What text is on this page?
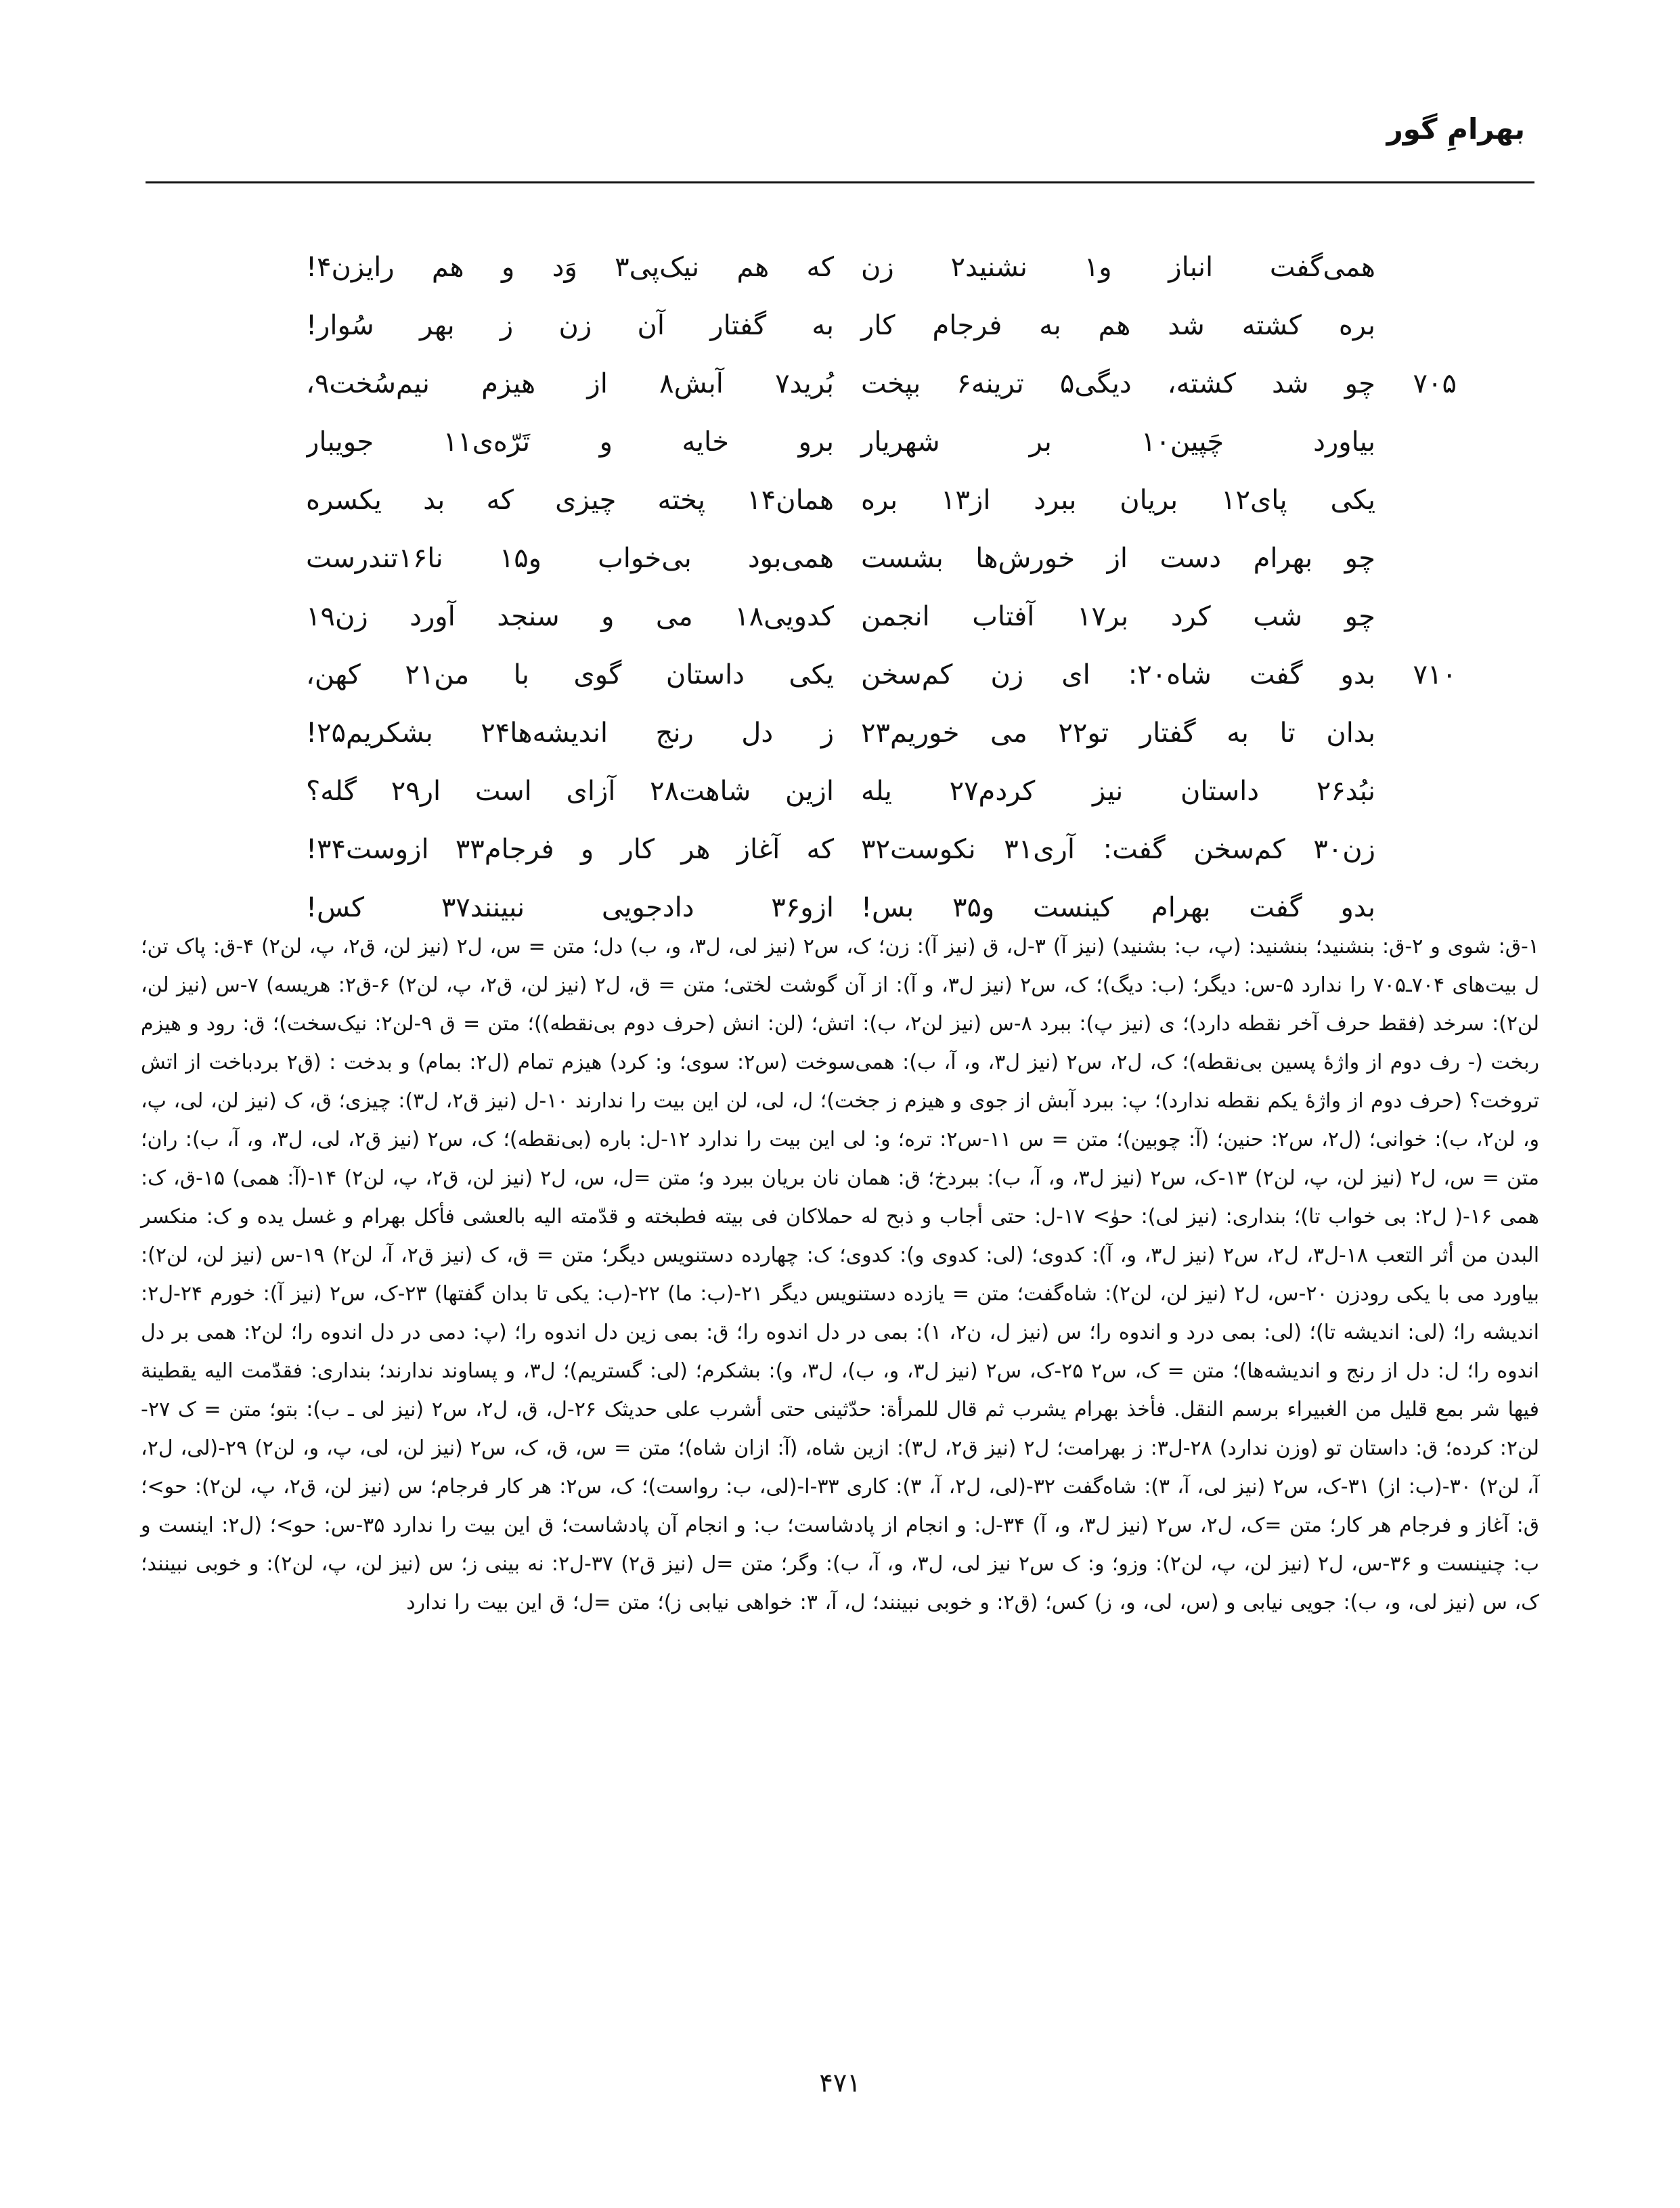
بهرامِ گور
همی‌گفت انباز و۱ نشنید۲ زن
که هم نیک‌پی۳ وَد و هم رایزن۴!
بره کشته شد هم به فرجام کار
به گفتار آن زن ز بهر سُوار!
۷۰۵
چو شد کشته، دیگی۵ ترینه۶ بپخت
بُرید۷ آبش۸ از هیزم نیم‌سُخت۹،
بیاورد چَپین۱۰ بر شهریار
برو خایه و تَرّه‌ی۱۱ جویبار
یکی پای۱۲ بریان ببرد از۱۳ بره
همان۱۴ پخته چیزی که بد یکسره
چو بهرام دست از خورش‌ها بشست
همی‌بود بی‌خواب و۱۵ نا۱۶تندرست
چو شب کرد بر۱۷ آفتاب انجمن
کدویی۱۸ می و سنجد آورد زن۱۹
۷۱۰
بدو گفت شاه۲۰: ای زن کم‌سخن
یکی داستان گوی با من۲۱ کهن،
بدان تا به گفتار تو۲۲ می خوریم۲۳
ز دل رنج اندیشه‌ها۲۴ بشکریم۲۵!
نبُد۲۶ داستان نیز کردم۲۷ یله
ازین شاهت۲۸ آزای است ار۲۹ گله؟
زن۳۰ کم‌سخن گفت: آری۳۱ نکوست۳۲
که آغاز هر کار و فرجام۳۳ ازوست۳۴!
بدو گفت بهرام کینست و۳۵ بس!
ازو۳۶ دادجویی نبینند۳۷ کس!

۱-ق: شوی و ۲-ق: بنشنید؛ بنشنید: (پ، ب: بشنید) (نیز آ) ۳-ل، ق (نیز آ): زن؛ ک، س۲ (نیز لی، ل۳، و، ب) دل؛ متن = س، ل۲ (نیز لن، ق۲، پ، لن۲) ۴-ق: پاک تن؛ ل بیت‌های ۷۰۴ـ۷۰۵ را ندارد ۵-س: دیگر؛ (ب: دیگ)؛ ک، س۲ (نیز ل۳، و آ): از آن گوشت لختی؛ متن = ق، ل۲ (نیز لن، ق۲، پ، لن۲) ۶-ق۲: هریسه) ۷-س (نیز لن، لن۲): سرخد (فقط حرف آخر نقطه دارد)؛ ی (نیز پ): ببرد ۸-س (نیز لن۲، ب): اتش؛ (لن: انش (حرف دوم بی‌نقطه))؛ متن = ق ۹-لن۲: نیک‌سخت)؛ ق: رود و هیزم ربخت (- رف دوم از واژهٔ پسین بی‌نقطه)؛ ک، ل۲، س۲ (نیز ل۳، و، آ، ب): همی‌سوخت (س۲: سوی؛ و: کرد) هیزم تمام (ل۲: بمام) و بدخت : (ق۲ بردباخت از اتش تروخت؟ (حرف دوم از واژهٔ یکم نقطه ندارد)؛ پ: ببرد آبش از جوی و هیزم ز جخت)؛ ل، لی، لن این بیت را ندارند ۱۰-ل (نیز ق۲، ل۳): چیزی؛ ق، ک (نیز لن، لی، پ، و، لن۲، ب): خوانی؛ (ل۲، س۲: حنین؛ (آ: چوبین)؛ متن = س ۱۱-س۲: تره؛ و: لی این بیت را ندارد ۱۲-ل: باره (بی‌نقطه)؛ ک، س۲ (نیز ق۲، لی، ل۳، و، آ، ب): ران؛ متن = س، ل۲ (نیز لن، پ، لن۲) ۱۳-ک، س۲ (نیز ل۳، و، آ، ب): ببردخ؛ ق: همان نان بریان ببرد و؛ متن =ل، س، ل۲ (نیز لن، ق۲، پ، لن۲) ۱۴-(آ: همی) ۱۵-ق، ک: همی ۱۶-( ل۲: بی خواب تا)؛ بنداری: (نیز لی): حوٰ> ۱۷-ل: حتی أجاب و ذبح له حملاکان فی بیته فطبخته و قدّمته الیه بالعشی فأکل بهرام و غسل یده و ک: منکسر البدن من أثر التعب ۱۸-ل۳، ل۲، س۲ (نیز ل۳، و، آ): کدوی؛ (لی: کدوی و): کدوی؛ ک: چهارده دستنویس دیگر؛ متن = ق، ک (نیز ق۲، آ، لن۲) ۱۹-س (نیز لن، لن۲): بیاورد می با یکی رودزن ۲۰-س، ل۲ (نیز لن، لن۲): شاه‌گفت؛ متن = یازده دستنویس دیگر ۲۱-(ب: ما) ۲۲-(ب: یکی تا بدان گفتها) ۲۳-ک، س۲ (نیز آ): خورم ۲۴-ل۲: اندیشه را؛ (لی: اندیشه تا)؛ (لی: بمی درد و اندوه را؛ س (نیز ل، ن۲، ۱): بمی در دل اندوه را؛ ق: بمی زین دل اندوه را؛ (پ: دمی در دل اندوه را؛ لن۲: همی بر دل اندوه را؛ ل: دل از رنج و اندیشه‌ها)؛ متن = ک، س۲ ۲۵-ک، س۲ (نیز ل۳، و، ب)، ل۳، و): بشکرم؛ (لی: گستریم)؛ ل۳، و پساوند ندارند؛ بنداری: فقدّمت الیه یقطینة فیها شر بمع قلیل من الغبیراء برسم النقل. فأخذ بهرام یشرب ثم قال للمرأة: حدّثینی حتی أشرب علی حدیثک ۲۶-ل، ق، ل۲، س۲ (نیز لی ـ ب): بتو؛ متن = ک ۲۷-لن۲: کرده؛ ق: داستان تو (وزن ندارد) ۲۸-ل۳: ز بهرامت؛ ل۲ (نیز ق۲، ل۳): ازین شاه، (آ: ازان شاه)؛ متن = س، ق، ک، س۲ (نیز لن، لی، پ، و، لن۲) ۲۹-(لی، ل۲، آ، لن۲) ۳۰-(ب: از) ۳۱-ک، س۲ (نیز لی، آ، ۳): شاه‌گفت ۳۲-(لی، ل۲، آ، ۳): کاری ۳۳-ا-(لی، ب: رواست)؛ ک، س۲: هر کار فرجام؛ س (نیز لن، ق۲، پ، لن۲): حو>؛ ق: آغاز و فرجام هر کار؛ متن =ک، ل۲، س۲ (نیز ل۳، و، آ) ۳۴-ل: و انجام از پادشاست؛ ب: و انجام آن پادشاست؛ ق این بیت را ندارد ۳۵-س: حو>؛ (ل۲: اینست و ب: چنینست و ۳۶-س، ل۲ (نیز لن، پ، لن۲): وزو؛ و: ک س۲ نیز لی، ل۳، و، آ، ب): وگر؛ متن =ل (نیز ق۲) ۳۷-ل۲: نه بینی ز؛ س (نیز لن، پ، لن۲): و خوبی نبینند؛ ک، س (نیز لی، و، ب): جویی نیابی و (س، لی، و، ز) کس؛ (ق۲: و خوبی نبینند؛ ل، آ، ۳: خواهی نیابی ز)؛ متن =ل؛ ق این بیت را ندارد

۴۷۱
